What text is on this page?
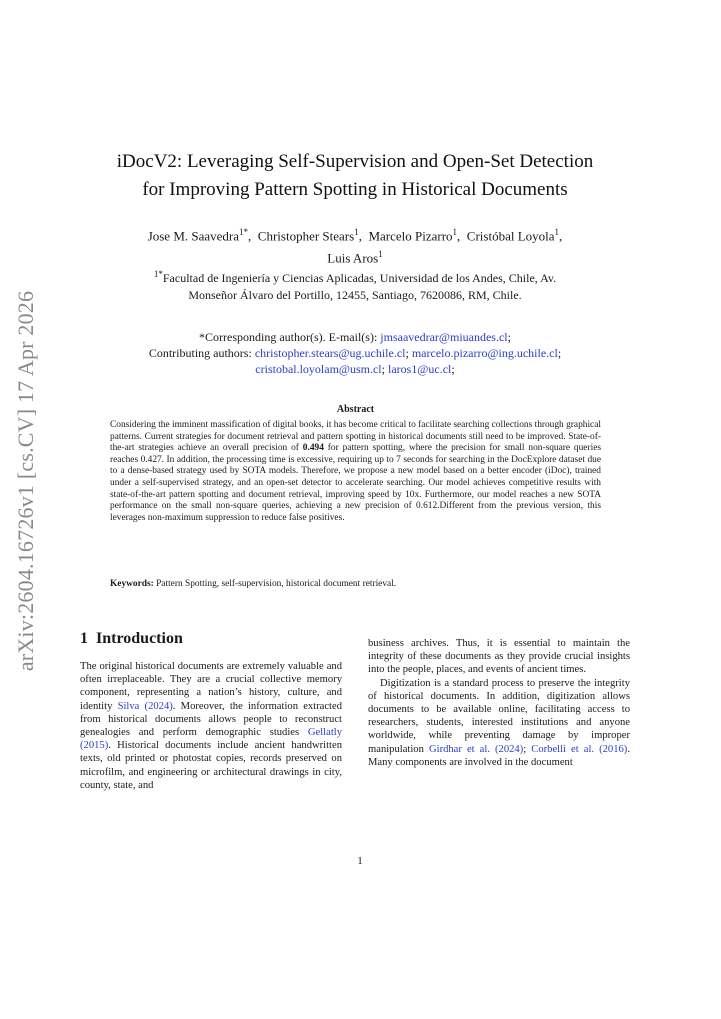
arXiv:2604.16726v1 [cs.CV] 17 Apr 2026
iDocV2: Leveraging Self-Supervision and Open-Set Detection
for Improving Pattern Spotting in Historical Documents
Jose M. Saavedra$^{1*}$,  Christopher Stears$^1$,  Marcelo Pizarro$^1$,  Cristóbal Loyola$^1$,
Luis Aros$^1$
$^{1*}$Facultad de Ingeniería y Ciencias Aplicadas, Universidad de los Andes, Chile, Av.
Monseñor Álvaro del Portillo, 12455, Santiago, 7620086, RM, Chile.
*Corresponding author(s). E-mail(s): jmsaavedrar@miuandes.cl;
Contributing authors: christopher.stears@ug.uchile.cl; marcelo.pizarro@ing.uchile.cl;
cristobal.loyolam@usm.cl; laros1@uc.cl;
Abstract
Considering the imminent massification of digital books, it has become critical to facilitate searching collections through graphical patterns. Current strategies for document retrieval and pattern spotting in historical documents still need to be improved. State-of-the-art strategies achieve an overall precision of 0.494 for pattern spotting, where the precision for small non-square queries reaches 0.427. In addition, the processing time is excessive, requiring up to 7 seconds for searching in the DocExplore dataset due to a dense-based strategy used by SOTA models. Therefore, we propose a new model based on a better encoder (iDoc), trained under a self-supervised strategy, and an open-set detector to accelerate searching. Our model achieves competitive results with state-of-the-art pattern spotting and document retrieval, improving speed by 10x. Furthermore, our model reaches a new SOTA performance on the small non-square queries, achieving a new precision of 0.612.Different from the previous version, this leverages non-maximum suppression to reduce false positives.
Keywords: Pattern Spotting, self-supervision, historical document retrieval.
1 Introduction

The original historical documents are extremely valuable and often irreplaceable. They are a crucial collective memory component, representing a nation’s history, culture, and identity Silva (2024). Moreover, the information extracted from historical documents allows people to reconstruct genealogies and perform demographic studies Gellatly (2015). Historical documents include ancient handwritten texts, old printed or photostat copies, records preserved on microfilm, and engineering or architectural drawings in city, county, state, and

business archives. Thus, it is essential to maintain the integrity of these documents as they provide crucial insights into the people, places, and events of ancient times.

Digitization is a standard process to preserve the integrity of historical documents. In addition, digitization allows documents to be available online, facilitating access to researchers, students, interested institutions and anyone worldwide, while preventing damage by improper manipulation Girdhar et al. (2024); Corbelli et al. (2016). Many components are involved in the document

1
